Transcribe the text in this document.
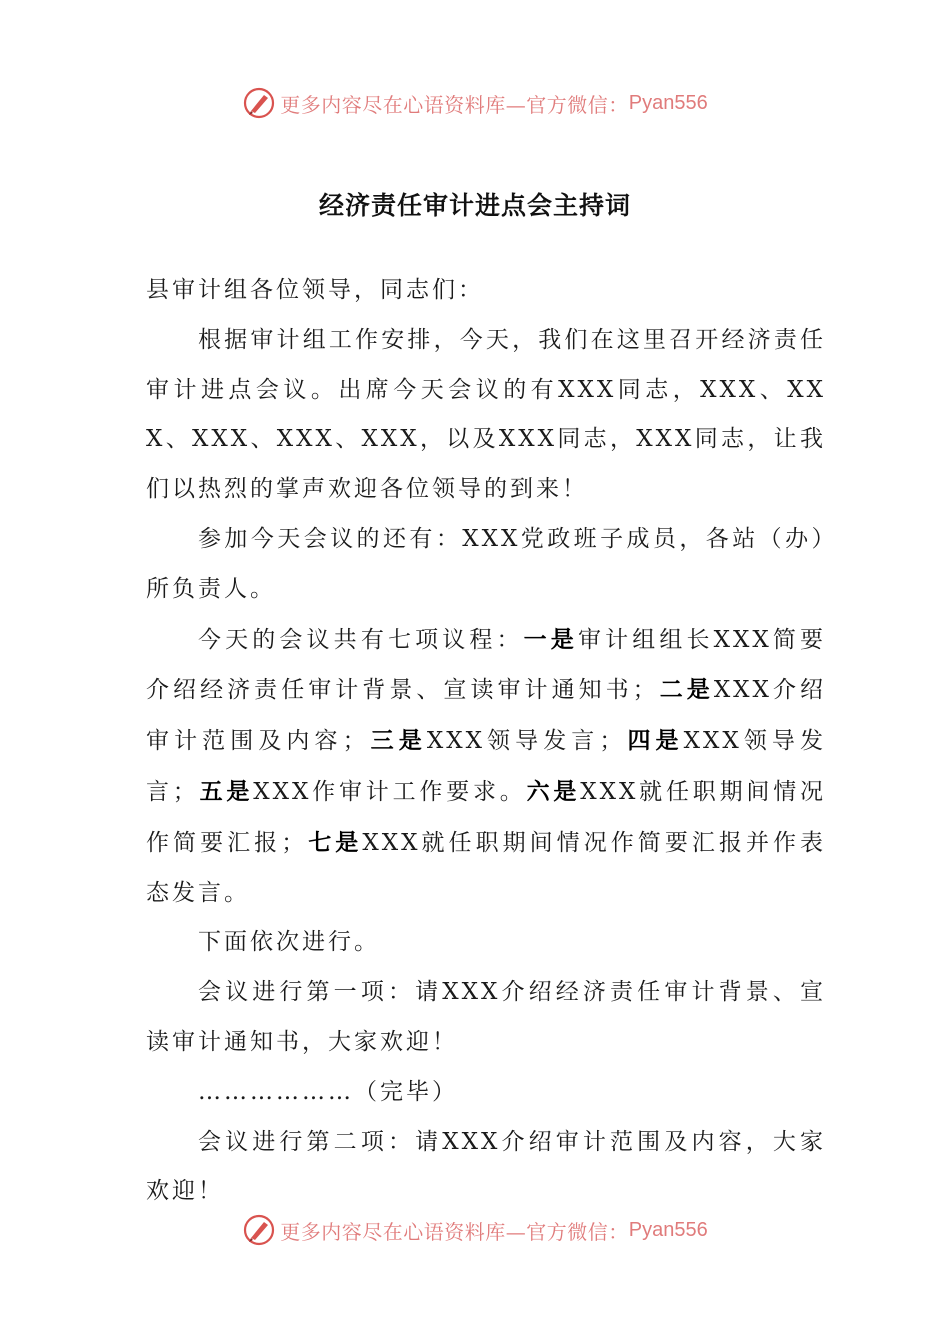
更多内容尽在心语资料库—官方微信： Pyan556
经济责任审计进点会主持词

县审计组各位领导，同志们：

根据审计组工作安排，今天，我们在这里召开经济责任审计进点会议。出席今天会议的有XXX同志，XXX、XXX、XXX、XXX、XXX，以及XXX同志，XXX同志，让我们以热烈的掌声欢迎各位领导的到来！

参加今天会议的还有：XXX党政班子成员，各站（办）所负责人。

今天的会议共有七项议程：一是审计组组长XXX简要介绍经济责任审计背景、宣读审计通知书；二是XXX介绍审计范围及内容；三是XXX领导发言；四是XXX领导发言；五是XXX作审计工作要求。六是XXX就任职期间情况作简要汇报；七是XXX就任职期间情况作简要汇报并作表态发言。

下面依次进行。

会议进行第一项：请XXX介绍经济责任审计背景、宣读审计通知书，大家欢迎！

………………（完毕）

会议进行第二项：请XXX介绍审计范围及内容，大家欢迎！

更多内容尽在心语资料库—官方微信： Pyan556
